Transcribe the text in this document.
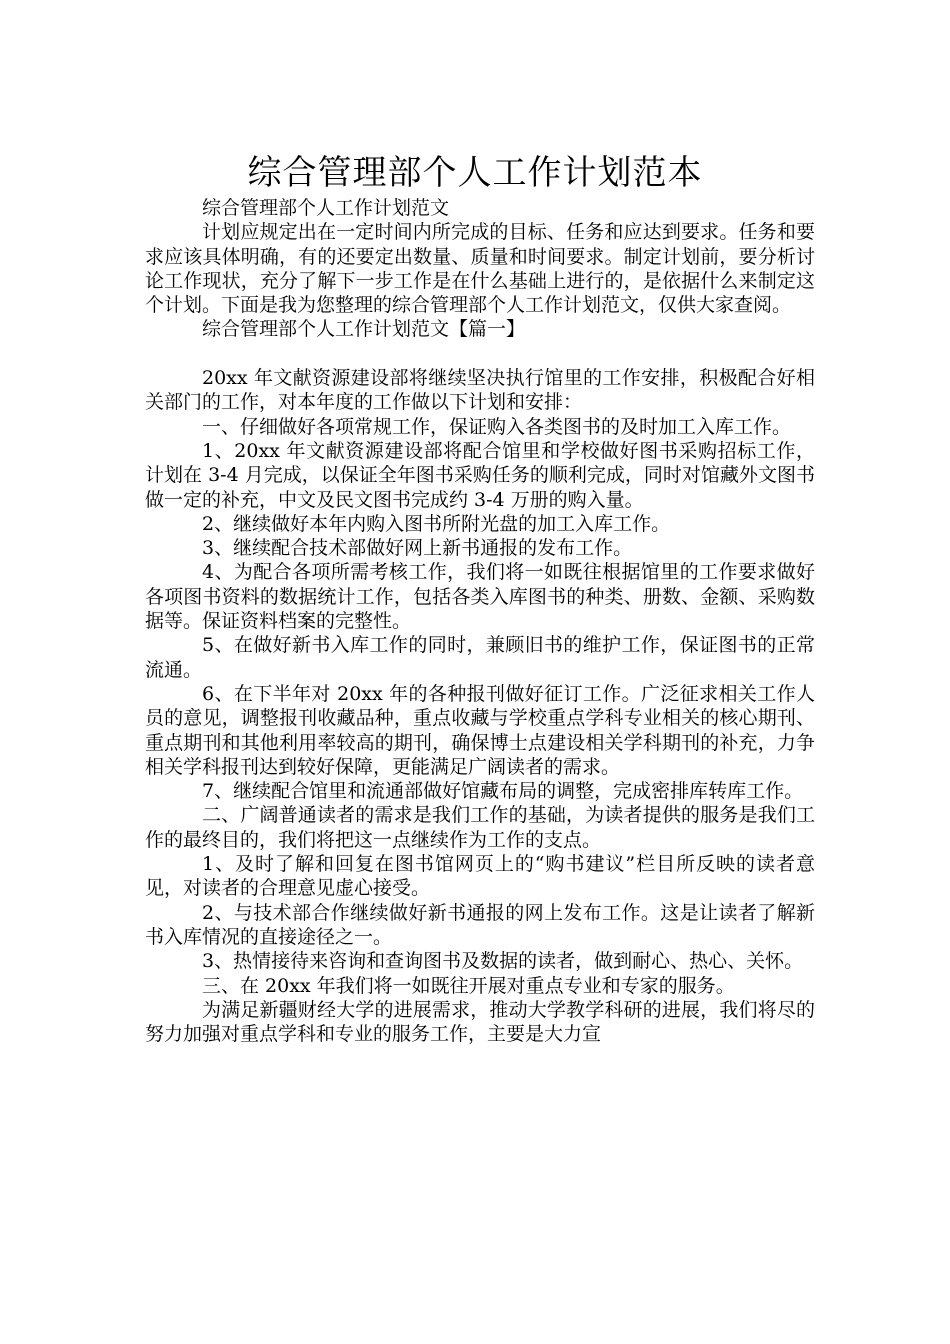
综合管理部个人工作计划范本

综合管理部个人工作计划范文

计划应规定出在一定时间内所完成的目标、任务和应达到要求。任务和要求应该具体明确，有的还要定出数量、质量和时间要求。制定计划前，要分析讨论工作现状，充分了解下一步工作是在什么基础上进行的，是依据什么来制定这个计划。下面是我为您整理的综合管理部个人工作计划范文，仅供大家查阅。

综合管理部个人工作计划范文【篇一】

20xx 年文献资源建设部将继续坚决执行馆里的工作安排，积极配合好相关部门的工作，对本年度的工作做以下计划和安排：

一、仔细做好各项常规工作，保证购入各类图书的及时加工入库工作。

1、20xx 年文献资源建设部将配合馆里和学校做好图书采购招标工作，计划在 3-4 月完成，以保证全年图书采购任务的顺利完成，同时对馆藏外文图书做一定的补充，中文及民文图书完成约 3-4 万册的购入量。

2、继续做好本年内购入图书所附光盘的加工入库工作。

3、继续配合技术部做好网上新书通报的发布工作。

4、为配合各项所需考核工作，我们将一如既往根据馆里的工作要求做好各项图书资料的数据统计工作，包括各类入库图书的种类、册数、金额、采购数据等。保证资料档案的完整性。

5、在做好新书入库工作的同时，兼顾旧书的维护工作，保证图书的正常流通。

6、在下半年对 20xx 年的各种报刊做好征订工作。广泛征求相关工作人员的意见，调整报刊收藏品种，重点收藏与学校重点学科专业相关的核心期刊、重点期刊和其他利用率较高的期刊，确保博士点建设相关学科期刊的补充，力争相关学科报刊达到较好保障，更能满足广阔读者的需求。

7、继续配合馆里和流通部做好馆藏布局的调整，完成密排库转库工作。

二、广阔普通读者的需求是我们工作的基础，为读者提供的服务是我们工作的最终目的，我们将把这一点继续作为工作的支点。

1、及时了解和回复在图书馆网页上的“购书建议”栏目所反映的读者意见，对读者的合理意见虚心接受。

2、与技术部合作继续做好新书通报的网上发布工作。这是让读者了解新书入库情况的直接途径之一。

3、热情接待来咨询和查询图书及数据的读者，做到耐心、热心、关怀。

三、在 20xx 年我们将一如既往开展对重点专业和专家的服务。

为满足新疆财经大学的进展需求，推动大学教学科研的进展，我们将尽的努力加强对重点学科和专业的服务工作，主要是大力宣
